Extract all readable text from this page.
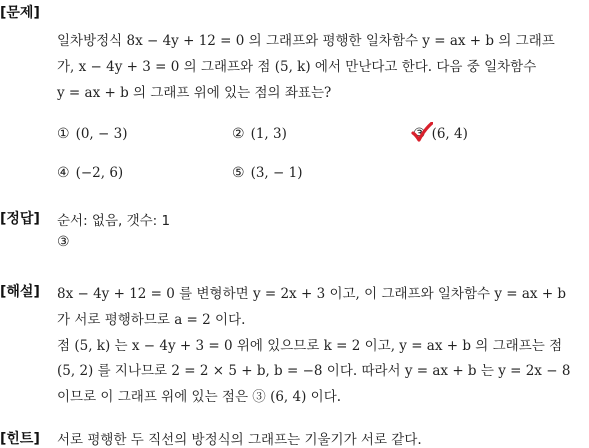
[문제]
일차방정식 8x − 4y + 12 = 0 의 그래프와 평행한 일차함수 y = ax + b 의 그래프
가, x − 4y + 3 = 0 의 그래프와 점 (5, k) 에서 만난다고 한다. 다음 중 일차함수
y = ax + b 의 그래프 위에 있는 점의 좌표는?
① (0, − 3)	② (1, 3)	③ (6, 4)
④ (−2, 6)	⑤ (3, − 1)
[정답] 순서: 없음, 갯수: 1
③
[해설] 8x − 4y + 12 = 0 를 변형하면 y = 2x + 3 이고, 이 그래프와 일차함수 y = ax + b
가 서로 평행하므로 a = 2 이다.
점 (5, k) 는 x − 4y + 3 = 0 위에 있으므로 k = 2 이고, y = ax + b 의 그래프는 점
(5, 2) 를 지나므로 2 = 2 × 5 + b, b = −8 이다. 따라서 y = ax + b 는 y = 2x − 8
이므로 이 그래프 위에 있는 점은 ③ (6, 4) 이다.
[힌트] 서로 평행한 두 직선의 방정식의 그래프는 기울기가 서로 같다.
